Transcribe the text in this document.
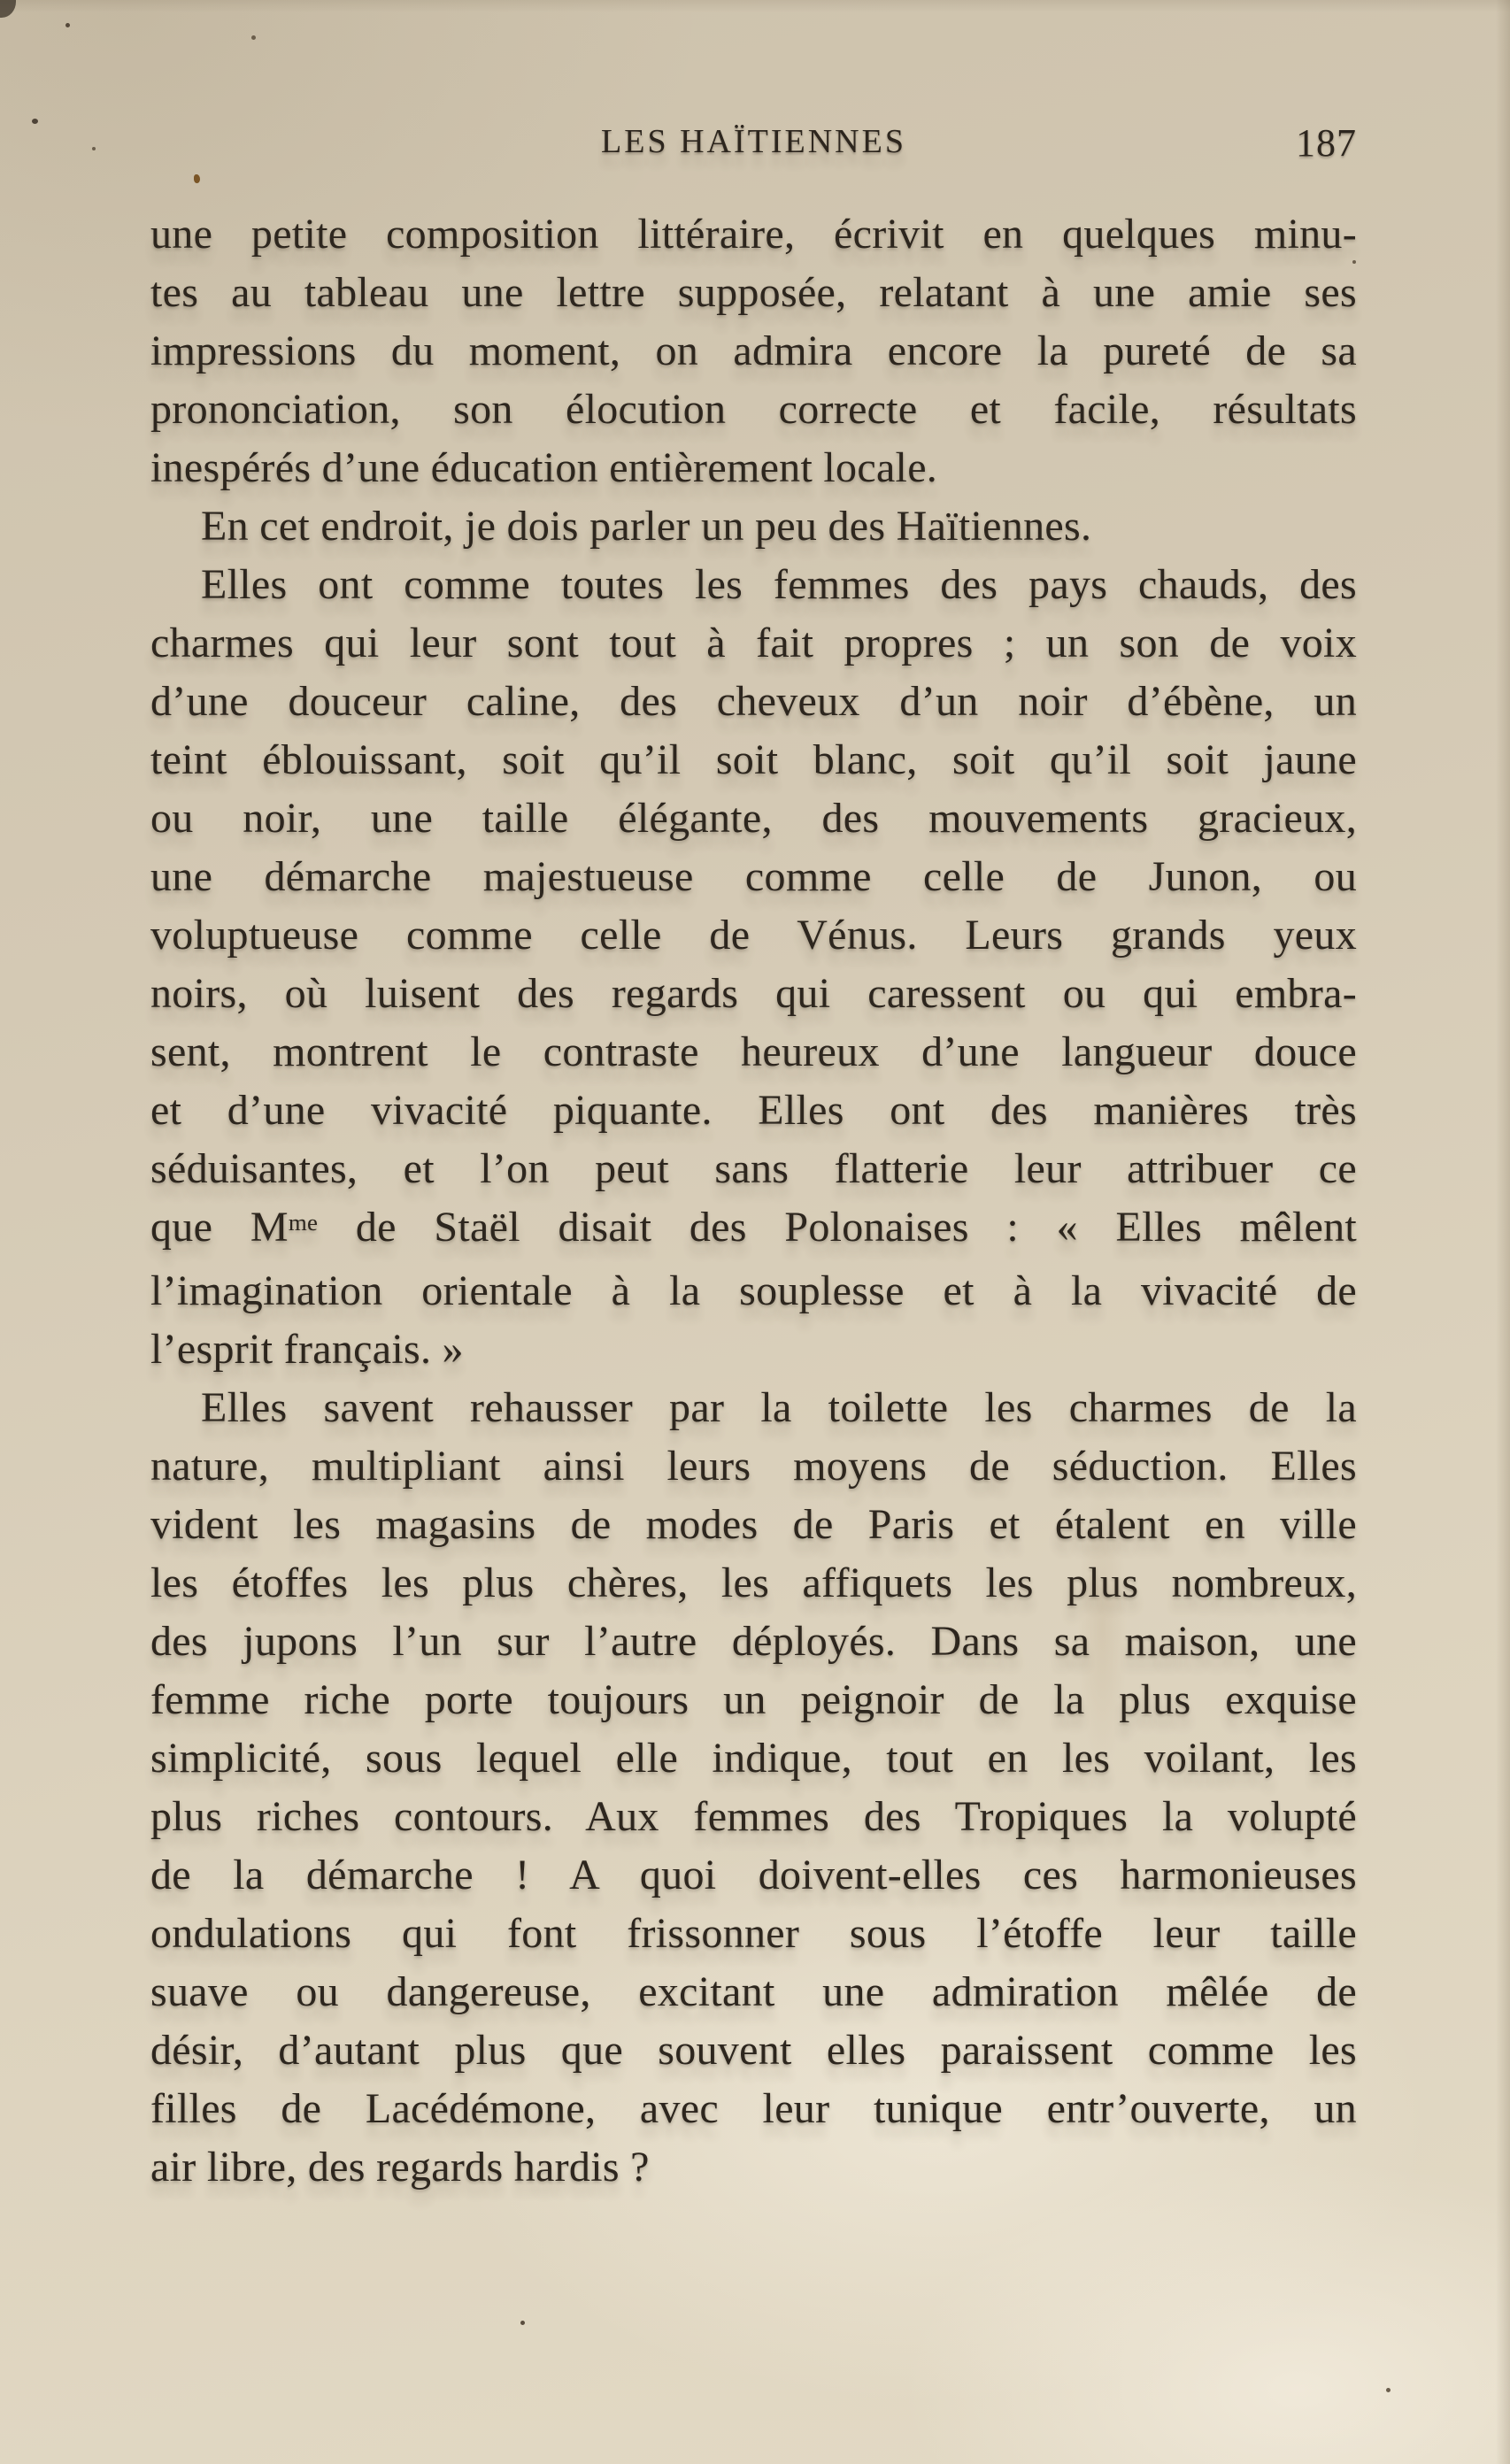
LES HAÏTIENNES	187
une petite composition littéraire, écrivit en quelques minu-
tes au tableau une lettre supposée, relatant à une amie ses
impressions du moment, on admira encore la pureté de sa
prononciation, son élocution correcte et facile, résultats
inespérés d’une éducation entièrement locale.
En cet endroit, je dois parler un peu des Haïtiennes.
Elles ont comme toutes les femmes des pays chauds, des
charmes qui leur sont tout à fait propres ; un son de voix
d’une douceur caline, des cheveux d’un noir d’ébène, un
teint éblouissant, soit qu’il soit blanc, soit qu’il soit jaune
ou noir, une taille élégante, des mouvements gracieux,
une démarche majestueuse comme celle de Junon, ou
voluptueuse comme celle de Vénus. Leurs grands yeux
noirs, où luisent des regards qui caressent ou qui embra-
sent, montrent le contraste heureux d’une langueur douce
et d’une vivacité piquante. Elles ont des manières très
séduisantes, et l’on peut sans flatterie leur attribuer ce
que $M^{me}$ de Staël disait des Polonaises : « Elles mêlent
l’imagination orientale à la souplesse et à la vivacité de
l’esprit français. »
Elles savent rehausser par la toilette les charmes de la
nature, multipliant ainsi leurs moyens de séduction. Elles
vident les magasins de modes de Paris et étalent en ville
les étoffes les plus chères, les affiquets les plus nombreux,
des jupons l’un sur l’autre déployés. Dans sa maison, une
femme riche porte toujours un peignoir de la plus exquise
simplicité, sous lequel elle indique, tout en les voilant, les
plus riches contours. Aux femmes des Tropiques la volupté
de la démarche ! A quoi doivent-elles ces harmonieuses
ondulations qui font frissonner sous l’étoffe leur taille
suave ou dangereuse, excitant une admiration mêlée de
désir, d’autant plus que souvent elles paraissent comme les
filles de Lacédémone, avec leur tunique entr’ouverte, un
air libre, des regards hardis ?
